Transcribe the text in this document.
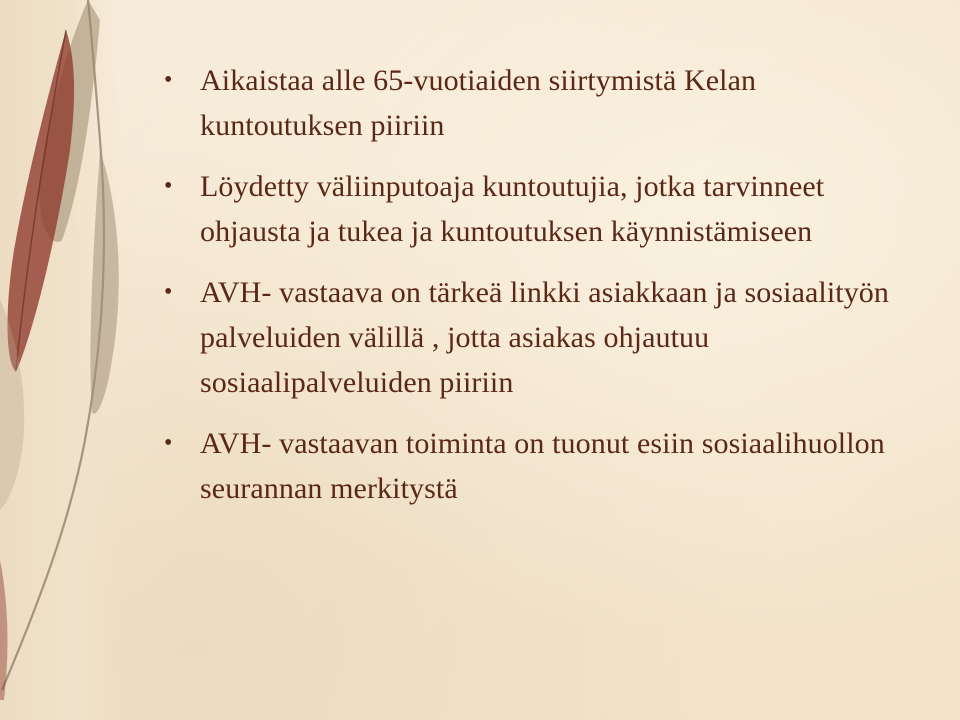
• Aikaistaa alle 65-vuotiaiden siirtymistä Kelan kuntoutuksen piiriin
• Löydetty väliinputoaja kuntoutujia, jotka tarvinneet ohjausta ja tukea ja kuntoutuksen käynnistämiseen
• AVH- vastaava on tärkeä linkki asiakkaan ja sosiaalityön palveluiden välillä , jotta asiakas ohjautuu sosiaalipalveluiden piiriin
• AVH- vastaavan toiminta on tuonut esiin sosiaalihuollon seurannan merkitystä
